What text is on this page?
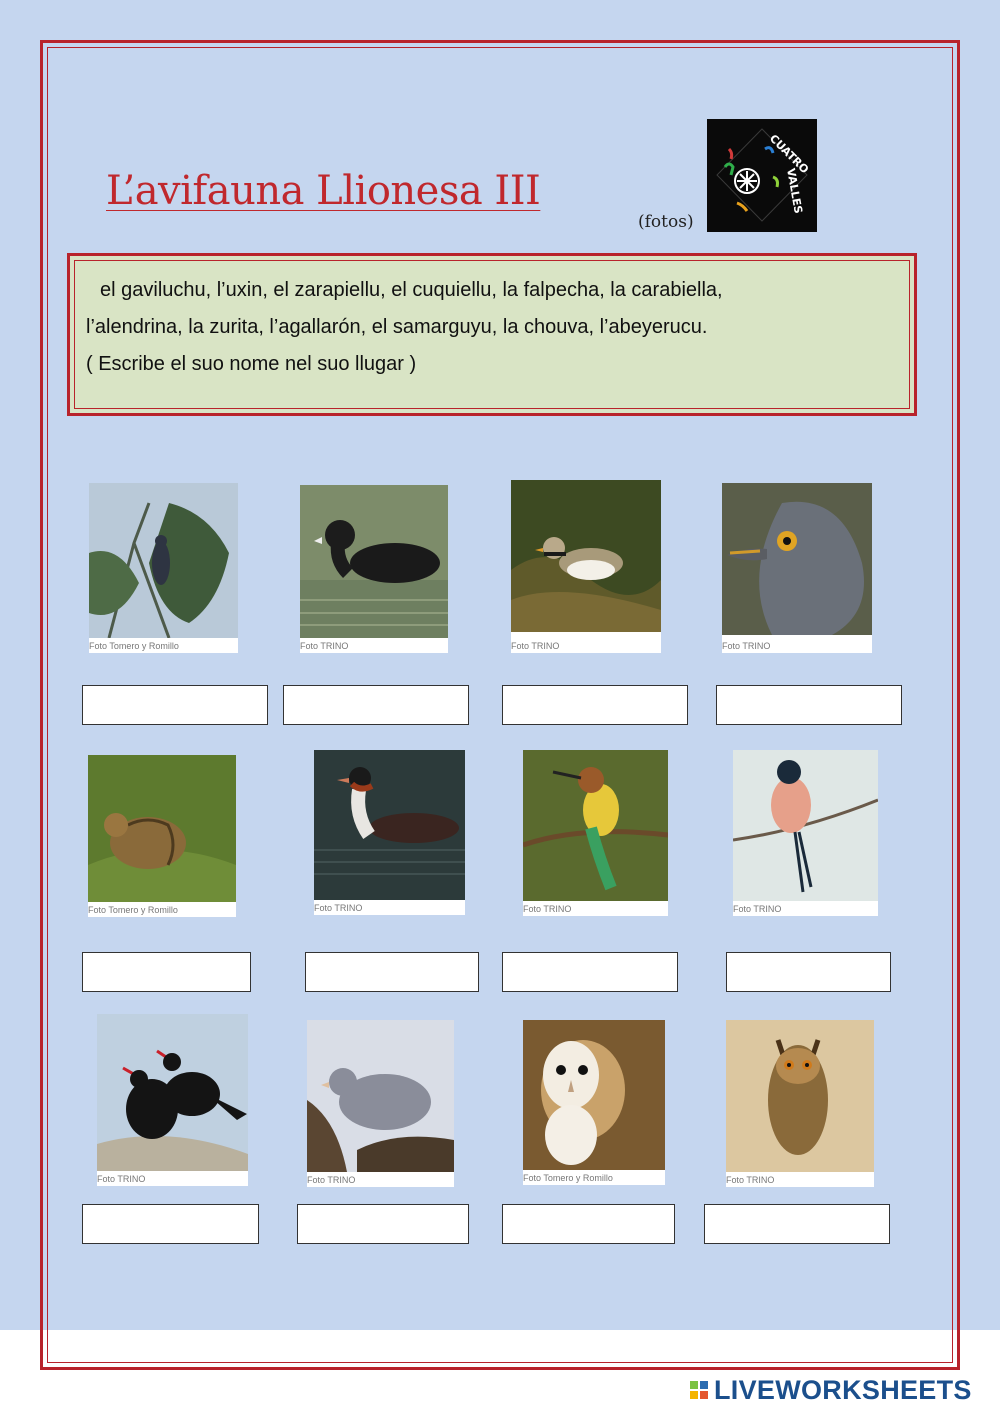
L’avifauna Llionesa III
(fotos)
CUATRO
VALLES
el gaviluchu, l’uxin, el zarapiellu, el cuquiellu, la falpecha, la carabiella,
l’alendrina, la zurita, l’agallarón, el samarguyu, la chouva, l’abeyerucu.
( Escribe el suo nome nel suo llugar )
Foto Tomero y Romillo	Foto TRINO	Foto TRINO	Foto TRINO
Foto Tomero y Romillo	Foto TRINO	Foto TRINO	Foto TRINO
Foto TRINO	Foto TRINO	Foto Tomero y Romillo	Foto TRINO
LIVEWORKSHEETS
